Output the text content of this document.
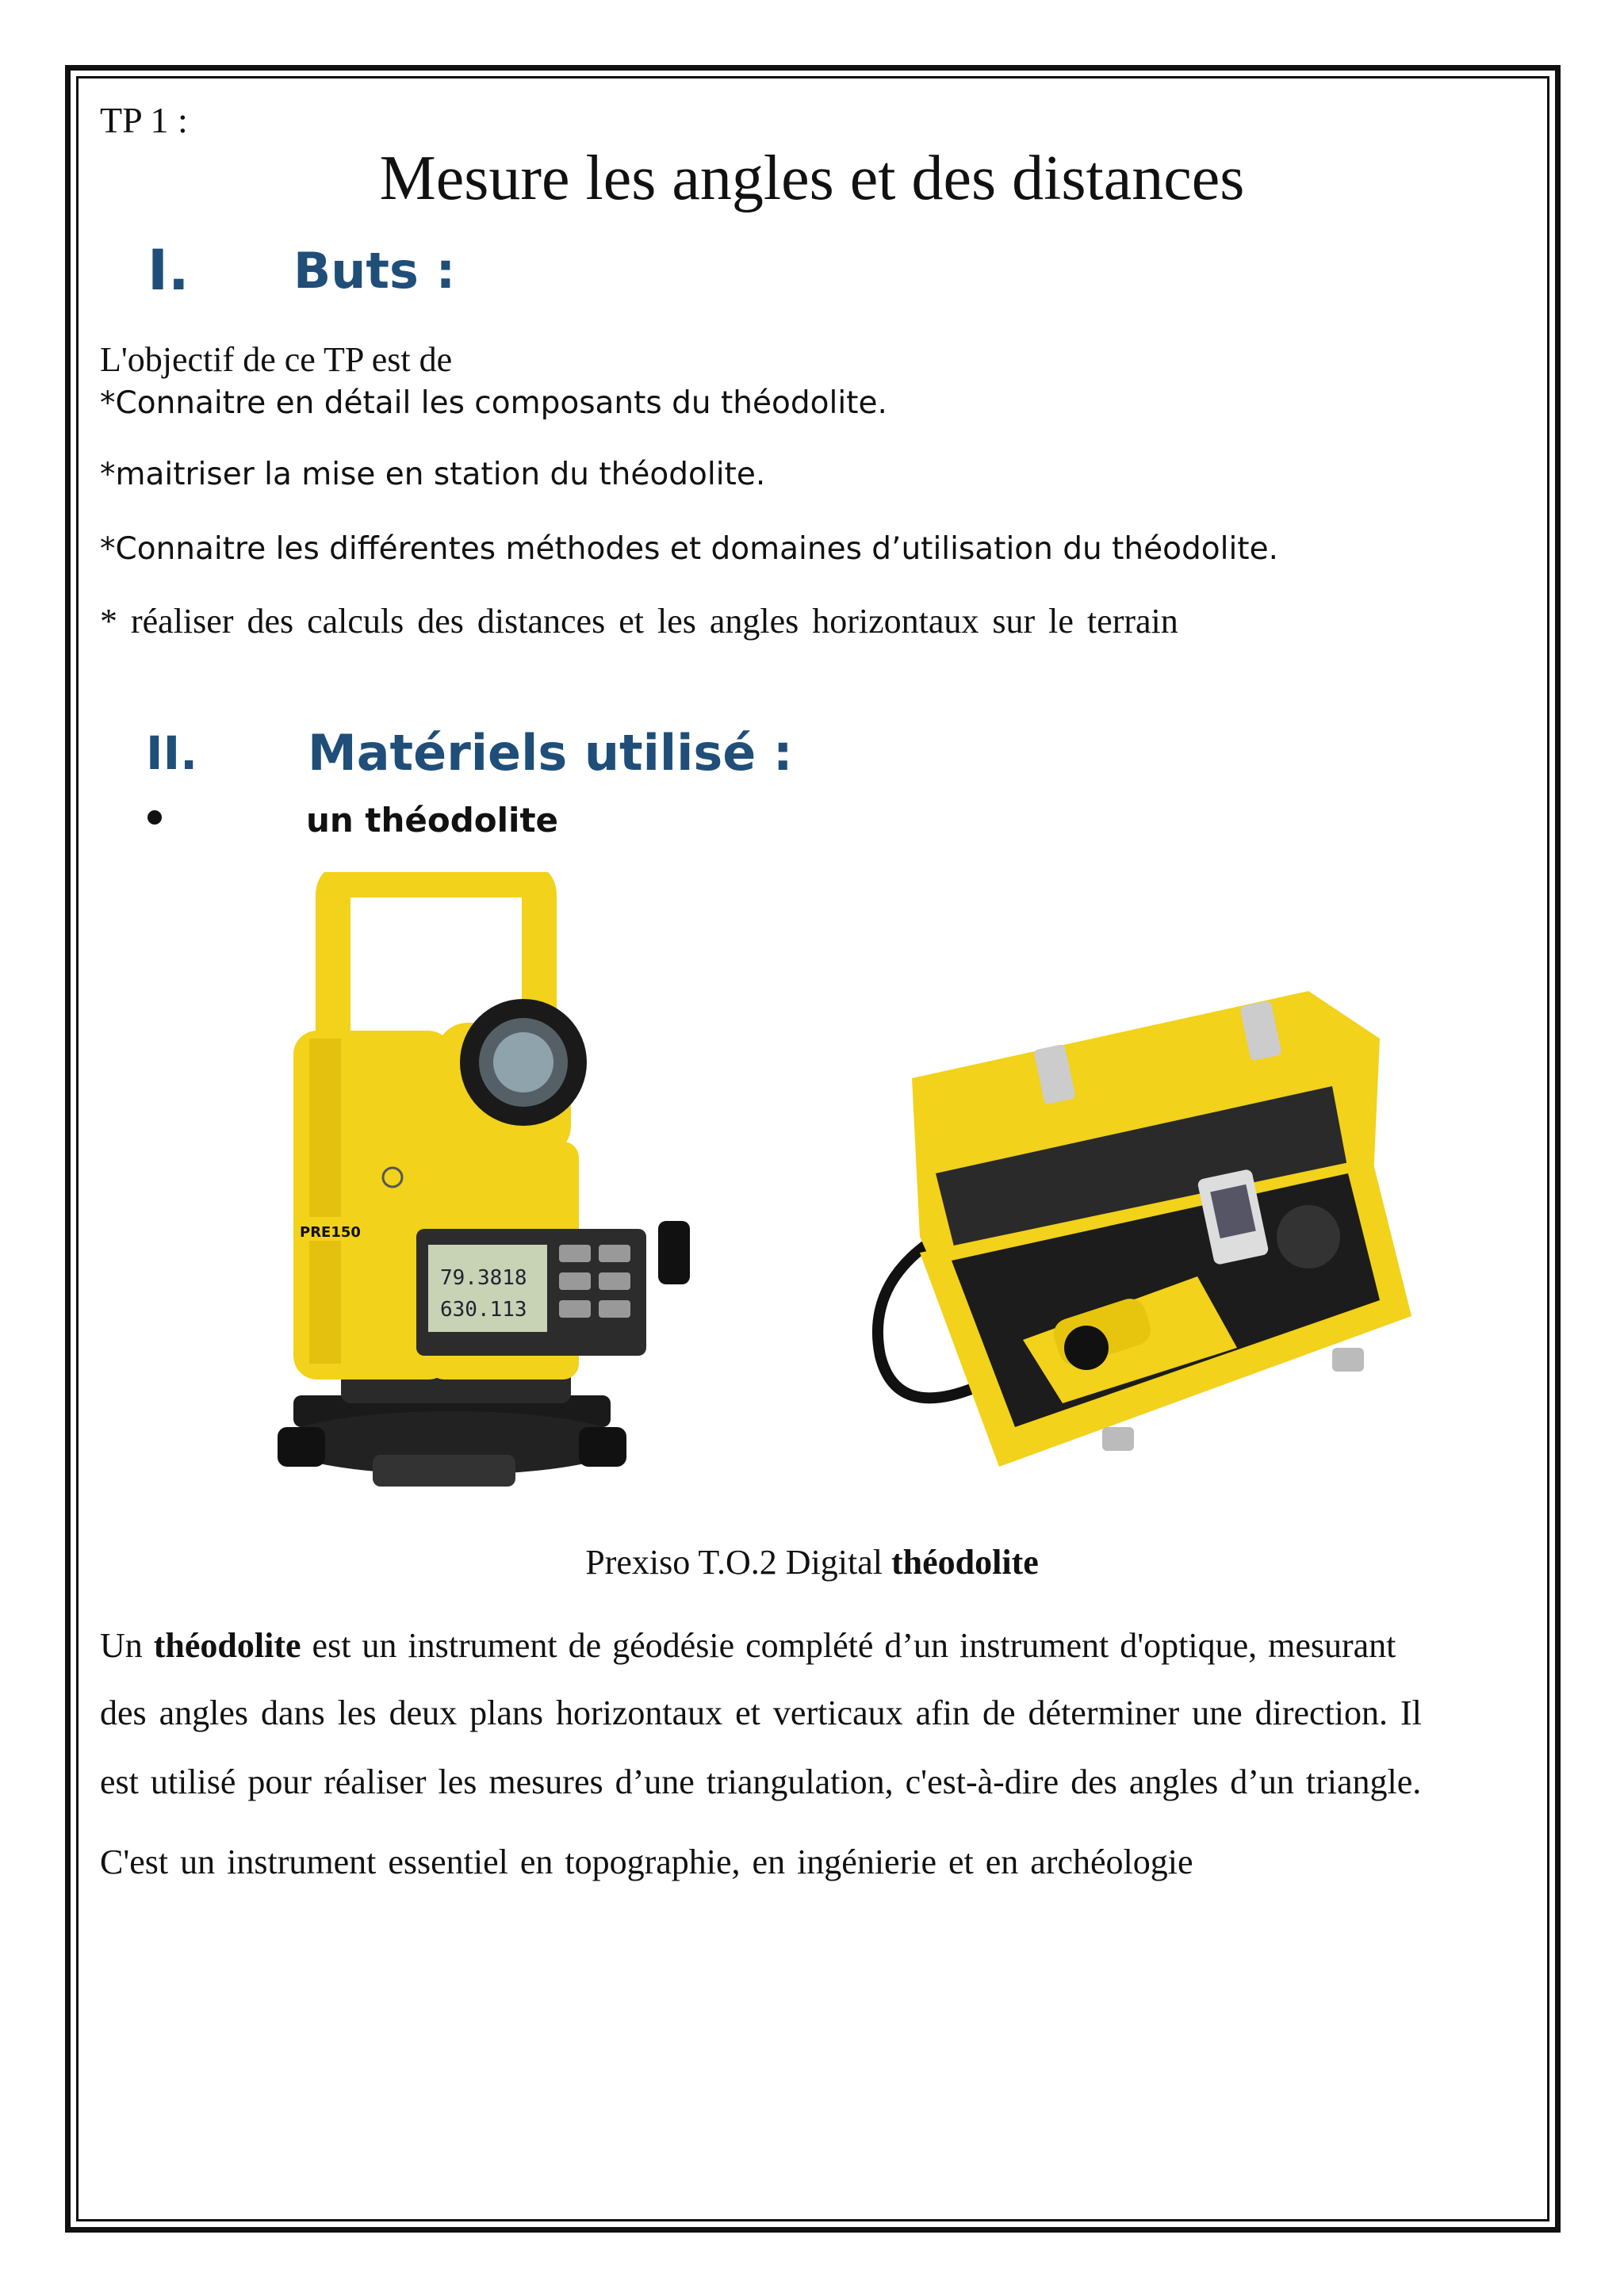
TP 1 :
Mesure les angles et des distances
I. Buts :
L'objectif de ce TP est de
*Connaitre en détail les composants du théodolite.
*maitriser la mise en station du théodolite.
*Connaitre les différentes méthodes et domaines d’utilisation du théodolite.
* réaliser des calculs des distances et les angles horizontaux sur le terrain
II. Matériels utilisé :
un théodolite
79.3818
630.113
PRE150
Prexiso T.O.2 Digital théodolite
Un théodolite est un instrument de géodésie complété d’un instrument d'optique, mesurant
des angles dans les deux plans horizontaux et verticaux afin de déterminer une direction. Il
est utilisé pour réaliser les mesures d’une triangulation, c'est-à-dire des angles d’un triangle.
C'est un instrument essentiel en topographie, en ingénierie et en archéologie
